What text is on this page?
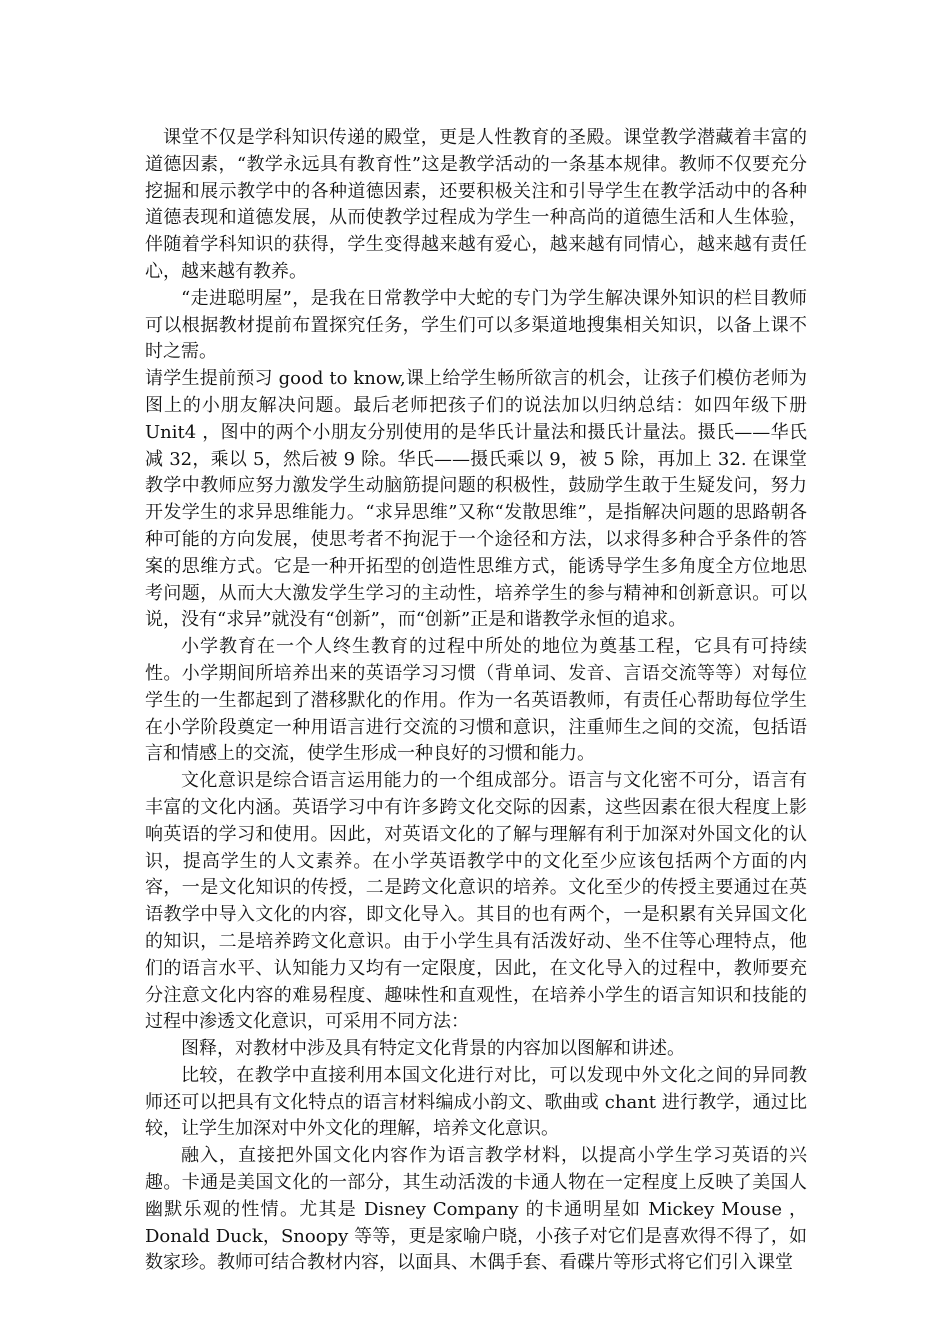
课堂不仅是学科知识传递的殿堂，更是人性教育的圣殿。课堂教学潜藏着丰富的道德因素，“教学永远具有教育性”这是教学活动的一条基本规律。教师不仅要充分挖掘和展示教学中的各种道德因素，还要积极关注和引导学生在教学活动中的各种道德表现和道德发展，从而使教学过程成为学生一种高尚的道德生活和人生体验，伴随着学科知识的获得，学生变得越来越有爱心，越来越有同情心，越来越有责任心，越来越有教养。

“走进聪明屋”，是我在日常教学中大蛇的专门为学生解决课外知识的栏目教师可以根据教材提前布置探究任务，学生们可以多渠道地搜集相关知识，以备上课不时之需。

请学生提前预习 good to know,课上给学生畅所欲言的机会，让孩子们模仿老师为图上的小朋友解决问题。最后老师把孩子们的说法加以归纳总结：如四年级下册 Unit4 ，图中的两个小朋友分别使用的是华氏计量法和摄氏计量法。摄氏——华氏减 32，乘以 5，然后被 9 除。华氏——摄氏乘以 9，被 5 除，再加上 32. 在课堂教学中教师应努力激发学生动脑筋提问题的积极性，鼓励学生敢于生疑发问，努力开发学生的求异思维能力。“求异思维”又称“发散思维”，是指解决问题的思路朝各种可能的方向发展，使思考者不拘泥于一个途径和方法，以求得多种合乎条件的答案的思维方式。它是一种开拓型的创造性思维方式，能诱导学生多角度全方位地思考问题，从而大大激发学生学习的主动性，培养学生的参与精神和创新意识。可以说，没有“求异”就没有“创新”，而“创新”正是和谐教学永恒的追求。

小学教育在一个人终生教育的过程中所处的地位为奠基工程，它具有可持续性。小学期间所培养出来的英语学习习惯（背单词、发音、言语交流等等）对每位学生的一生都起到了潜移默化的作用。作为一名英语教师，有责任心帮助每位学生在小学阶段奠定一种用语言进行交流的习惯和意识，注重师生之间的交流，包括语言和情感上的交流，使学生形成一种良好的习惯和能力。

文化意识是综合语言运用能力的一个组成部分。语言与文化密不可分，语言有丰富的文化内涵。英语学习中有许多跨文化交际的因素，这些因素在很大程度上影响英语的学习和使用。因此，对英语文化的了解与理解有利于加深对外国文化的认识，提高学生的人文素养。在小学英语教学中的文化至少应该包括两个方面的内容，一是文化知识的传授，二是跨文化意识的培养。文化至少的传授主要通过在英语教学中导入文化的内容，即文化导入。其目的也有两个，一是积累有关异国文化的知识，二是培养跨文化意识。由于小学生具有活泼好动、坐不住等心理特点，他们的语言水平、认知能力又均有一定限度，因此，在文化导入的过程中，教师要充分注意文化内容的难易程度、趣味性和直观性，在培养小学生的语言知识和技能的过程中渗透文化意识，可采用不同方法：

图释，对教材中涉及具有特定文化背景的内容加以图解和讲述。

比较，在教学中直接利用本国文化进行对比，可以发现中外文化之间的异同教师还可以把具有文化特点的语言材料编成小韵文、歌曲或 chant 进行教学，通过比较，让学生加深对中外文化的理解，培养文化意识。

融入，直接把外国文化内容作为语言教学材料，以提高小学生学习英语的兴趣。卡通是美国文化的一部分，其生动活泼的卡通人物在一定程度上反映了美国人幽默乐观的性情。尤其是 Disney Company 的卡通明星如 Mickey Mouse ，Donald Duck，Snoopy 等等，更是家喻户晓，小孩子对它们是喜欢得不得了，如数家珍。教师可结合教材内容，以面具、木偶手套、看碟片等形式将它们引入课堂
